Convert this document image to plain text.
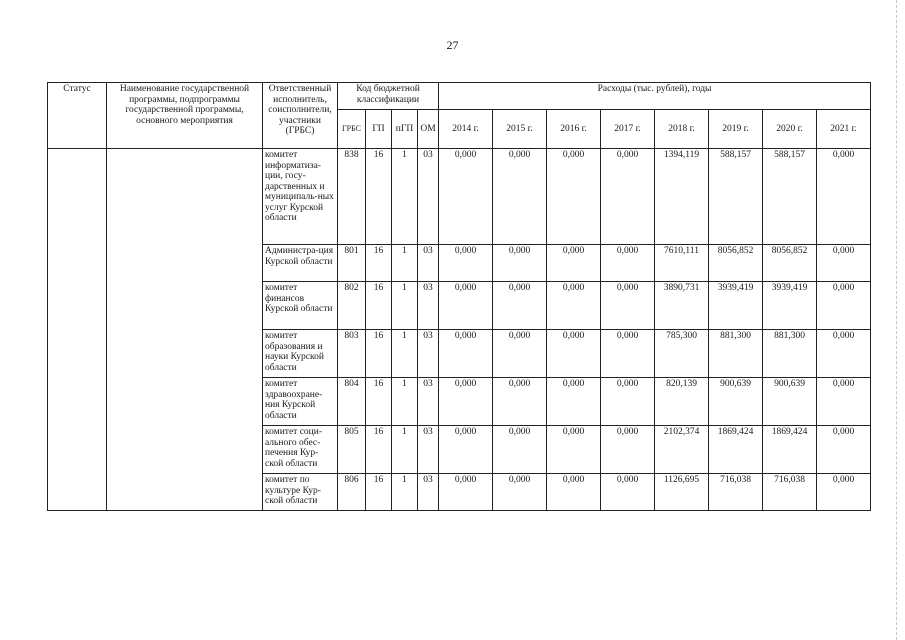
27
Статус	Наименование государственной программы, подпрограммы государственной программы, основного мероприятия	Ответственный исполнитель, соисполнители, участники (ГРБС)	Код бюджетной классификации				Расходы (тыс. рублей), годы							
			ГРБС	ГП	пГП	ОМ	2014 г.	2015 г.	2016 г.	2017 г.	2018 г.	2019 г.	2020 г.	2021 г.
		комитет информатиза-ции, госу-дарственных и муниципаль-ных услуг Курской области	838	16	1	03	0,000	0,000	0,000	0,000	1394,119	588,157	588,157	0,000
		Администра-ция Курской области	801	16	1	03	0,000	0,000	0,000	0,000	7610,111	8056,852	8056,852	0,000
		комитет финансов Курской области	802	16	1	03	0,000	0,000	0,000	0,000	3890,731	3939,419	3939,419	0,000
		комитет образования и науки Курской области	803	16	1	03	0,000	0,000	0,000	0,000	785,300	881,300	881,300	0,000
		комитет здравоохране-ния Курской области	804	16	1	03	0,000	0,000	0,000	0,000	820,139	900,639	900,639	0,000
		комитет соци-ального обес-печения Кур-ской области	805	16	1	03	0,000	0,000	0,000	0,000	2102,374	1869,424	1869,424	0,000
		комитет по культуре Кур-ской области	806	16	1	03	0,000	0,000	0,000	0,000	1126,695	716,038	716,038	0,000
